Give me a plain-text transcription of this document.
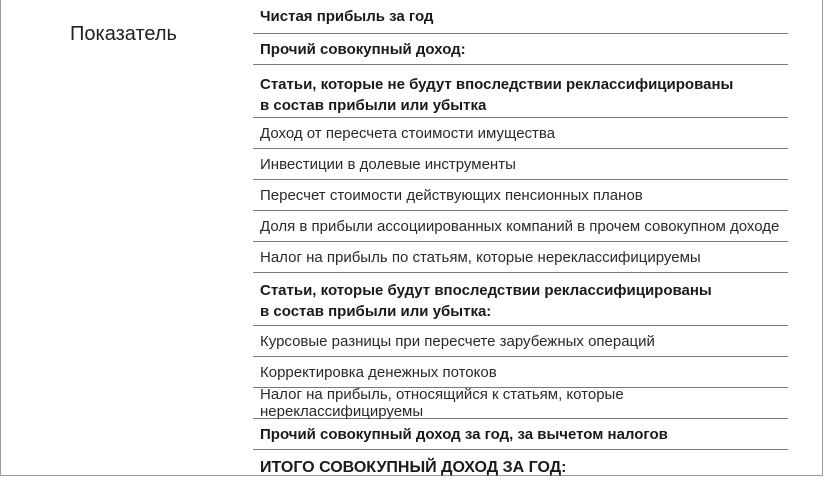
Показатель
Чистая прибыль за год
Прочий совокупный доход:
Статьи, которые не будут впоследствии реклассифицированы
в состав прибыли или убытка
Доход от пересчета стоимости имущества
Инвестиции в долевые инструменты
Пересчет стоимости действующих пенсионных планов
Доля в прибыли ассоциированных компаний в прочем совокупном доходе
Налог на прибыль по статьям, которые нереклассифицируемы
Статьи, которые будут впоследствии реклассифицированы
в состав прибыли или убытка:
Курсовые разницы при пересчете зарубежных операций
Корректировка денежных потоков
Налог на прибыль, относящийся к статьям, которые нереклассифицируемы
Прочий совокупный доход за год, за вычетом налогов
ИТОГО СОВОКУПНЫЙ ДОХОД ЗА ГОД:
